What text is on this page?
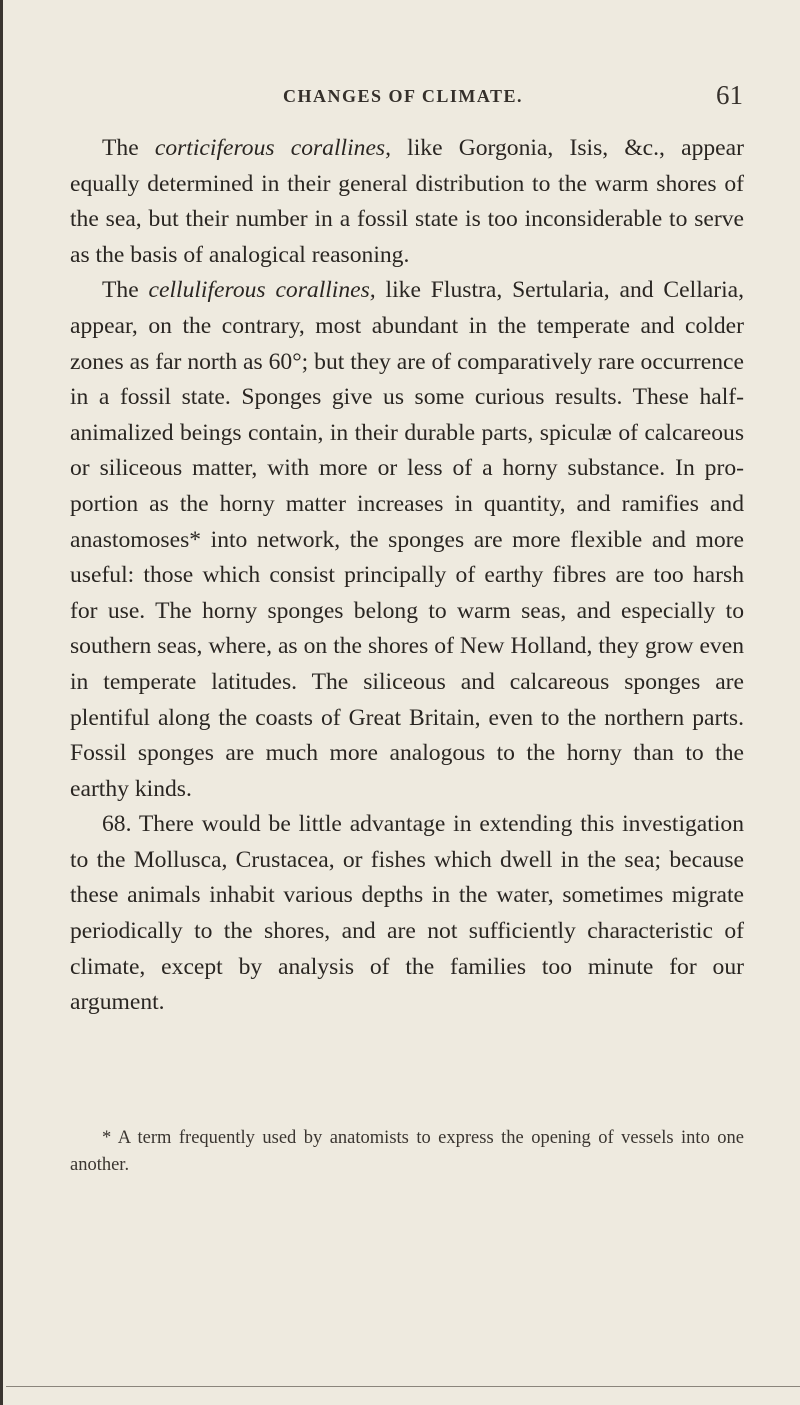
CHANGES OF CLIMATE.	61

The corticiferous corallines, like Gorgonia, Isis, &c., appear equally determined in their general distribution to the warm shores of the sea, but their number in a fossil state is too inconsiderable to serve as the basis of analogical reasoning.

The celluliferous corallines, like Flustra, Sertularia, and Cellaria, appear, on the contrary, most abundant in the temperate and colder zones as far north as 60°; but they are of comparatively rare occurrence in a fossil state. Sponges give us some curious results. These half-animalized beings contain, in their durable parts, spiculæ of calcareous or siliceous matter, with more or less of a horny substance. In proportion as the horny matter increases in quantity, and ramifies and anastomoses* into network, the sponges are more flexible and more useful: those which consist principally of earthy fibres are too harsh for use. The horny sponges belong to warm seas, and especially to southern seas, where, as on the shores of New Holland, they grow even in temperate latitudes. The siliceous and calcareous sponges are plentiful along the coasts of Great Britain, even to the northern parts. Fossil sponges are much more analogous to the horny than to the earthy kinds.

68. There would be little advantage in extending this investigation to the Mollusca, Crustacea, or fishes which dwell in the sea; because these animals inhabit various depths in the water, sometimes migrate periodically to the shores, and are not sufficiently characteristic of climate, except by analysis of the families too minute for our argument.

* A term frequently used by anatomists to express the opening of vessels into one another.
